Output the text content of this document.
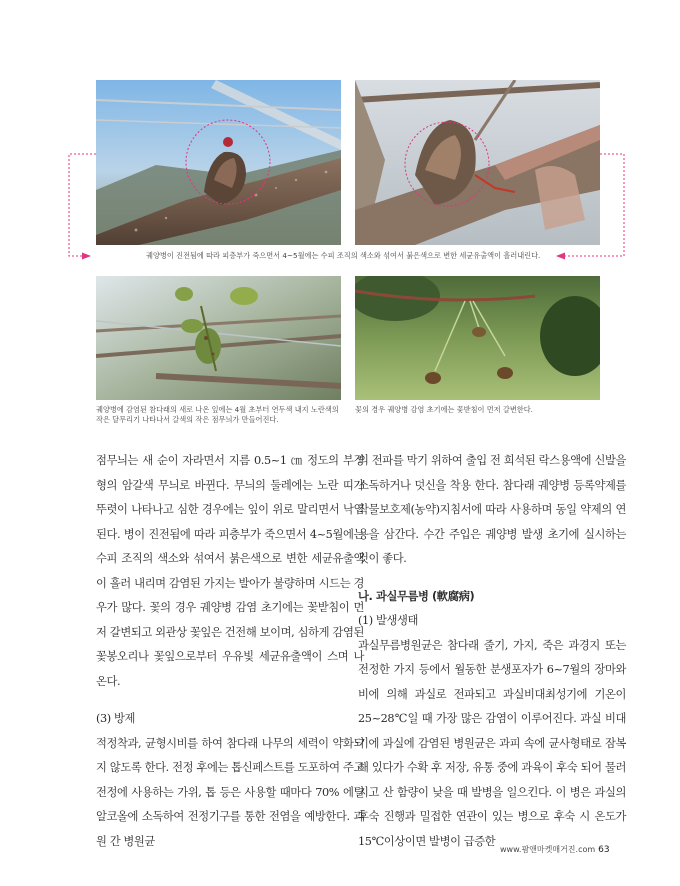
궤양병이 진전됨에 따라 피층부가 죽으면서 4~5월에는 수피 조직의 색소와 섞여서 붉은색으로 변한 세균유출액이 흘러내린다.
궤양병에 감염된 참다래의 새로 나온 잎에는 4월 초부터 연두색 내지 노란색의 작은 달무리기 나타나서 갈색의 작은 점무늬가 만들어진다.
꽃의 경우 궤양병 감염 초기에는 꽃받침이 먼저 갈변한다.

점무늬는 새 순이 자라면서 지름 0.5~1 ㎝ 정도의 부정형의 암갈색 무늬로 바뀐다. 무늬의 둘레에는 노란 띠가 뚜렷이 나타나고 심한 경우에는 잎이 위로 말리면서 낙엽 된다. 병이 진전됨에 따라 피층부가 죽으면서 4~5월에는 수피 조직의 색소와 섞여서 붉은색으로 변한 세균유출액이 흘러 내리며 감염된 가지는 발아가 불량하며 시드는 경우가 많다. 꽃의 경우 궤양병 감염 초기에는 꽃받침이 먼저 갈변되고 외관상 꽃잎은 건전해 보이며, 심하게 감염된 꽃봉오리나 꽃잎으로부터 우유빛 세균유출액이 스며 나온다.

(3) 방제

적정착과, 균형시비를 하여 참다래 나무의 세력이 약화되지 않도록 한다. 전정 후에는 톱신페스트를 도포하여 주고 전정에 사용하는 가위, 톱 등은 사용할 때마다 70% 에틸알코올에 소독하여 전정기구를 통한 전염을 예방한다. 과원 간 병원균

의 전파를 막기 위하여 출입 전 희석된 락스용액에 신발을 소독하거나 덧신을 착용 한다. 참다래 궤양병 등록약제를 작물보호제(농약)지침서에 따라 사용하며 동일 약제의 연용을 삼간다. 수간 주입은 궤양병 발생 초기에 실시하는 것이 좋다.

나. 과실무름병 (軟腐病)

(1) 발생생태

과실무름병원균은 참다래 줄기, 가지, 죽은 과경지 또는 전정한 가지 등에서 월동한 분생포자가 6~7월의 장마와 비에 의해 과실로 전파되고 과실비대최성기에 기온이 25~28℃일 때 가장 많은 감염이 이루어진다. 과실 비대기에 과실에 감염된 병원균은 과피 속에 균사형태로 잠복해 있다가 수확 후 저장, 유통 중에 과육이 후숙 되어 물러지고 산 함량이 낮을 때 발병을 일으킨다. 이 병은 과실의 후숙 진행과 밀접한 연관이 있는 병으로 후숙 시 온도가 15℃이상이면 발병이 급증한

www.팜앤마켓매거진.com 63
